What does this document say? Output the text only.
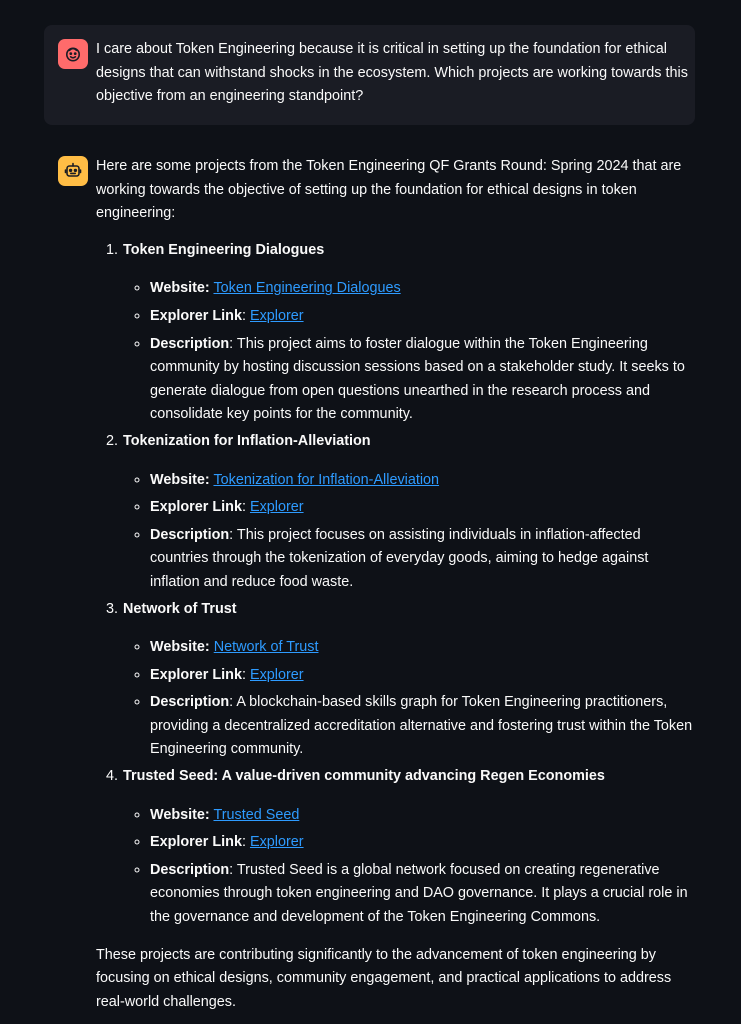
I care about Token Engineering because it is critical in setting up the foundation for ethical designs that can withstand shocks in the ecosystem. Which projects are working towards this objective from an engineering standpoint?

Here are some projects from the Token Engineering QF Grants Round: Spring 2024 that are working towards the objective of setting up the foundation for ethical designs in token engineering:

1. Token Engineering Dialogues
◦ Website: Token Engineering Dialogues
◦ Explorer Link: Explorer
◦ Description: This project aims to foster dialogue within the Token Engineering community by hosting discussion sessions based on a stakeholder study. It seeks to generate dialogue from open questions unearthed in the research process and consolidate key points for the community.
2. Tokenization for Inflation-Alleviation
◦ Website: Tokenization for Inflation-Alleviation
◦ Explorer Link: Explorer
◦ Description: This project focuses on assisting individuals in inflation-affected countries through the tokenization of everyday goods, aiming to hedge against inflation and reduce food waste.
3. Network of Trust
◦ Website: Network of Trust
◦ Explorer Link: Explorer
◦ Description: A blockchain-based skills graph for Token Engineering practitioners, providing a decentralized accreditation alternative and fostering trust within the Token Engineering community.
4. Trusted Seed: A value-driven community advancing Regen Economies
◦ Website: Trusted Seed
◦ Explorer Link: Explorer
◦ Description: Trusted Seed is a global network focused on creating regenerative economies through token engineering and DAO governance. It plays a crucial role in the governance and development of the Token Engineering Commons.

These projects are contributing significantly to the advancement of token engineering by focusing on ethical designs, community engagement, and practical applications to address real-world challenges.
